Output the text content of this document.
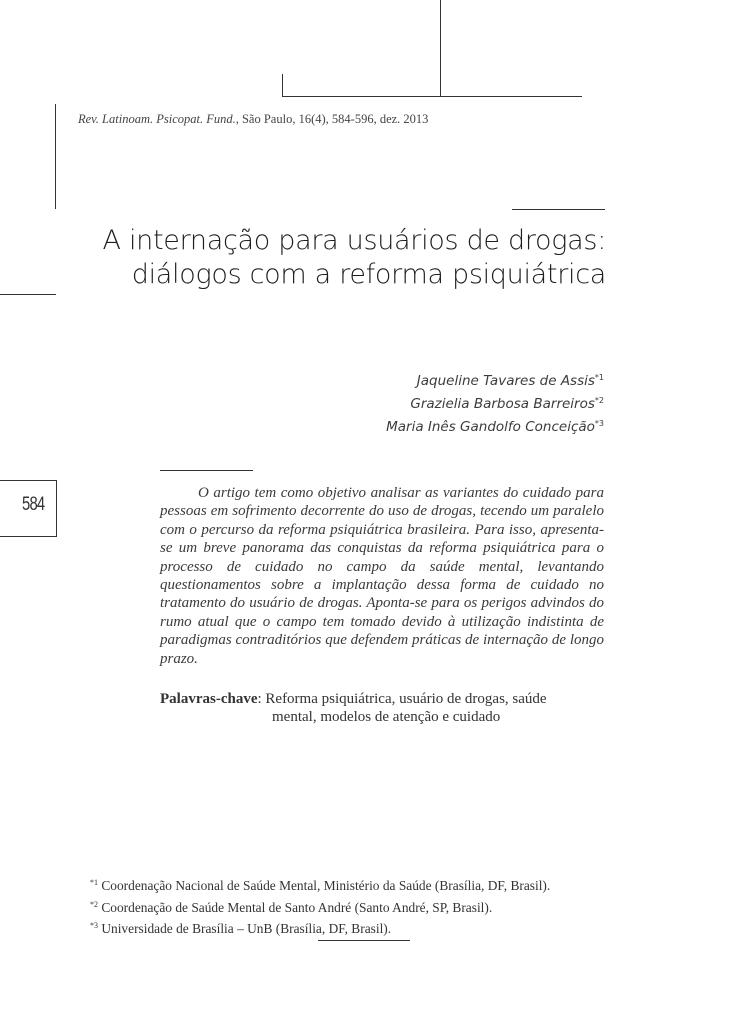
Rev. Latinoam. Psicopat. Fund., São Paulo, 16(4), 584-596, dez. 2013
A internação para usuários de drogas:
diálogos com a reforma psiquiátrica
Jaqueline Tavares de Assis$^{*1}$
Grazielia Barbosa Barreiros$^{*2}$
Maria Inês Gandolfo Conceição$^{*3}$
584
O artigo tem como objetivo analisar as variantes do cuidado para pessoas em sofrimento decorrente do uso de drogas, tecendo um paralelo com o percurso da reforma psiquiátrica brasileira. Para isso, apresenta-se um breve panorama das conquistas da reforma psiquiátrica para o processo de cuidado no campo da saúde mental, levantando questionamentos sobre a implantação dessa forma de cuidado no tratamento do usuário de drogas. Aponta-se para os perigos advindos do rumo atual que o campo tem tomado devido à utilização indistinta de paradigmas contraditórios que defendem práticas de internação de longo prazo.
Palavras-chave: Reforma psiquiátrica, usuário de drogas, saúde
mental, modelos de atenção e cuidado
$^{*1}$ Coordenação Nacional de Saúde Mental, Ministério da Saúde (Brasília, DF, Brasil).
$^{*2}$ Coordenação de Saúde Mental de Santo André (Santo André, SP, Brasil).
$^{*3}$ Universidade de Brasília – UnB (Brasília, DF, Brasil).
